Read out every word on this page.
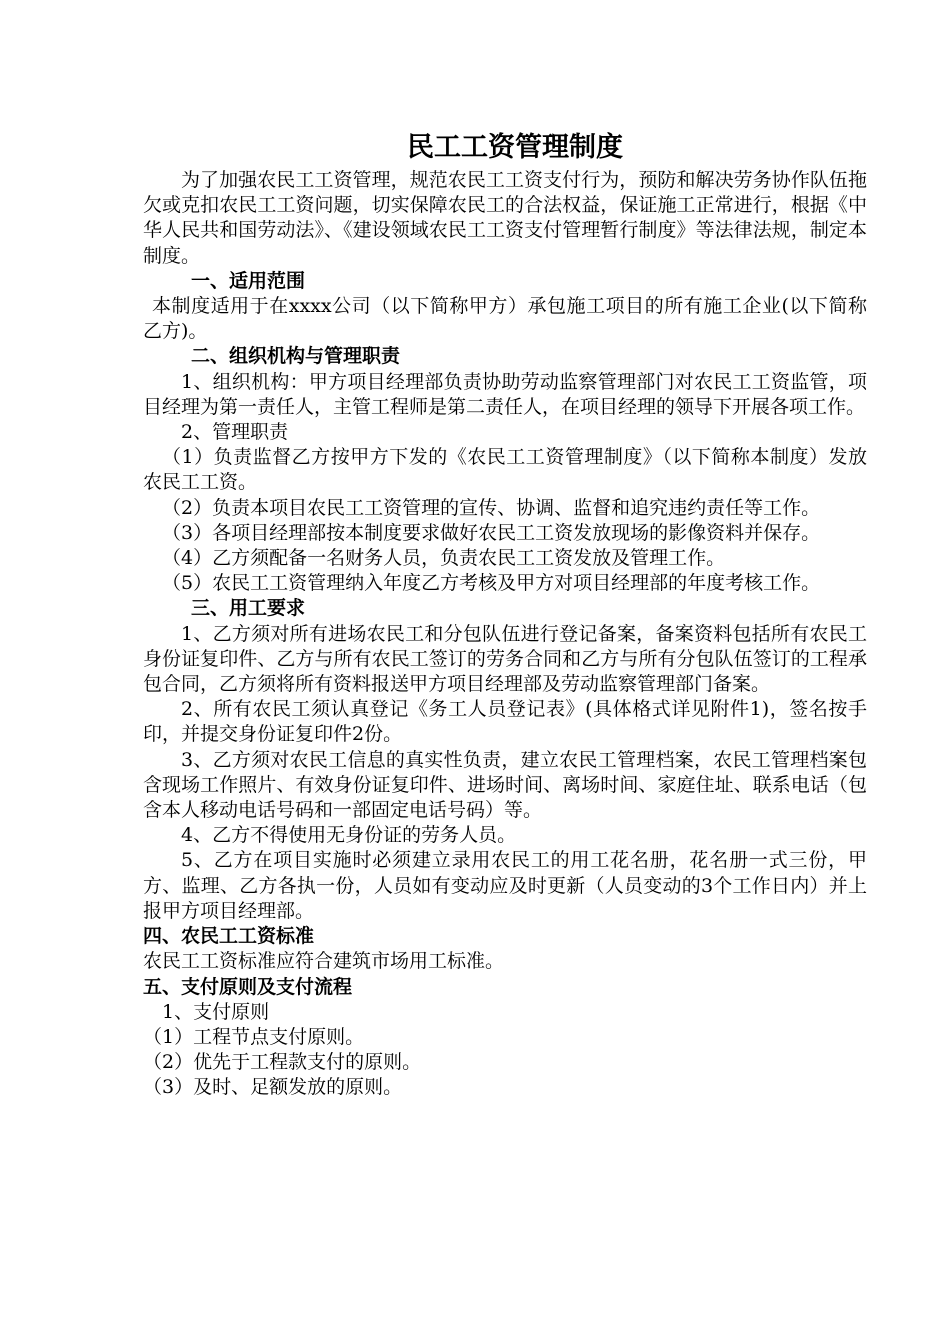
民工工资管理制度

为了加强农民工工资管理，规范农民工工资支付行为，预防和解决劳务协作队伍拖欠或克扣农民工工资问题，切实保障农民工的合法权益，保证施工正常进行，根据《中华人民共和国劳动法》、《建设领域农民工工资支付管理暂行制度》等法律法规，制定本制度。

一、适用范围

本制度适用于在xxxx公司（以下简称甲方）承包施工项目的所有施工企业(以下简称乙方)。

二、组织机构与管理职责

1、组织机构：甲方项目经理部负责协助劳动监察管理部门对农民工工资监管，项目经理为第一责任人，主管工程师是第二责任人，在项目经理的领导下开展各项工作。

2、管理职责

（1）负责监督乙方按甲方下发的《农民工工资管理制度》（以下简称本制度）发放农民工工资。

（2）负责本项目农民工工资管理的宣传、协调、监督和追究违约责任等工作。

（3）各项目经理部按本制度要求做好农民工工资发放现场的影像资料并保存。

（4）乙方须配备一名财务人员，负责农民工工资发放及管理工作。

（5）农民工工资管理纳入年度乙方考核及甲方对项目经理部的年度考核工作。

三、用工要求

1、乙方须对所有进场农民工和分包队伍进行登记备案，备案资料包括所有农民工身份证复印件、乙方与所有农民工签订的劳务合同和乙方与所有分包队伍签订的工程承包合同，乙方须将所有资料报送甲方项目经理部及劳动监察管理部门备案。

2、所有农民工须认真登记《务工人员登记表》(具体格式详见附件1)，签名按手印，并提交身份证复印件2份。

3、乙方须对农民工信息的真实性负责，建立农民工管理档案，农民工管理档案包含现场工作照片、有效身份证复印件、进场时间、离场时间、家庭住址、联系电话（包含本人移动电话号码和一部固定电话号码）等。

4、乙方不得使用无身份证的劳务人员。

5、乙方在项目实施时必须建立录用农民工的用工花名册，花名册一式三份，甲方、监理、乙方各执一份，人员如有变动应及时更新（人员变动的3个工作日内）并上报甲方项目经理部。

四、农民工工资标准

农民工工资标准应符合建筑市场用工标准。

五、支付原则及支付流程

1、支付原则

（1）工程节点支付原则。

（2）优先于工程款支付的原则。

（3）及时、足额发放的原则。
